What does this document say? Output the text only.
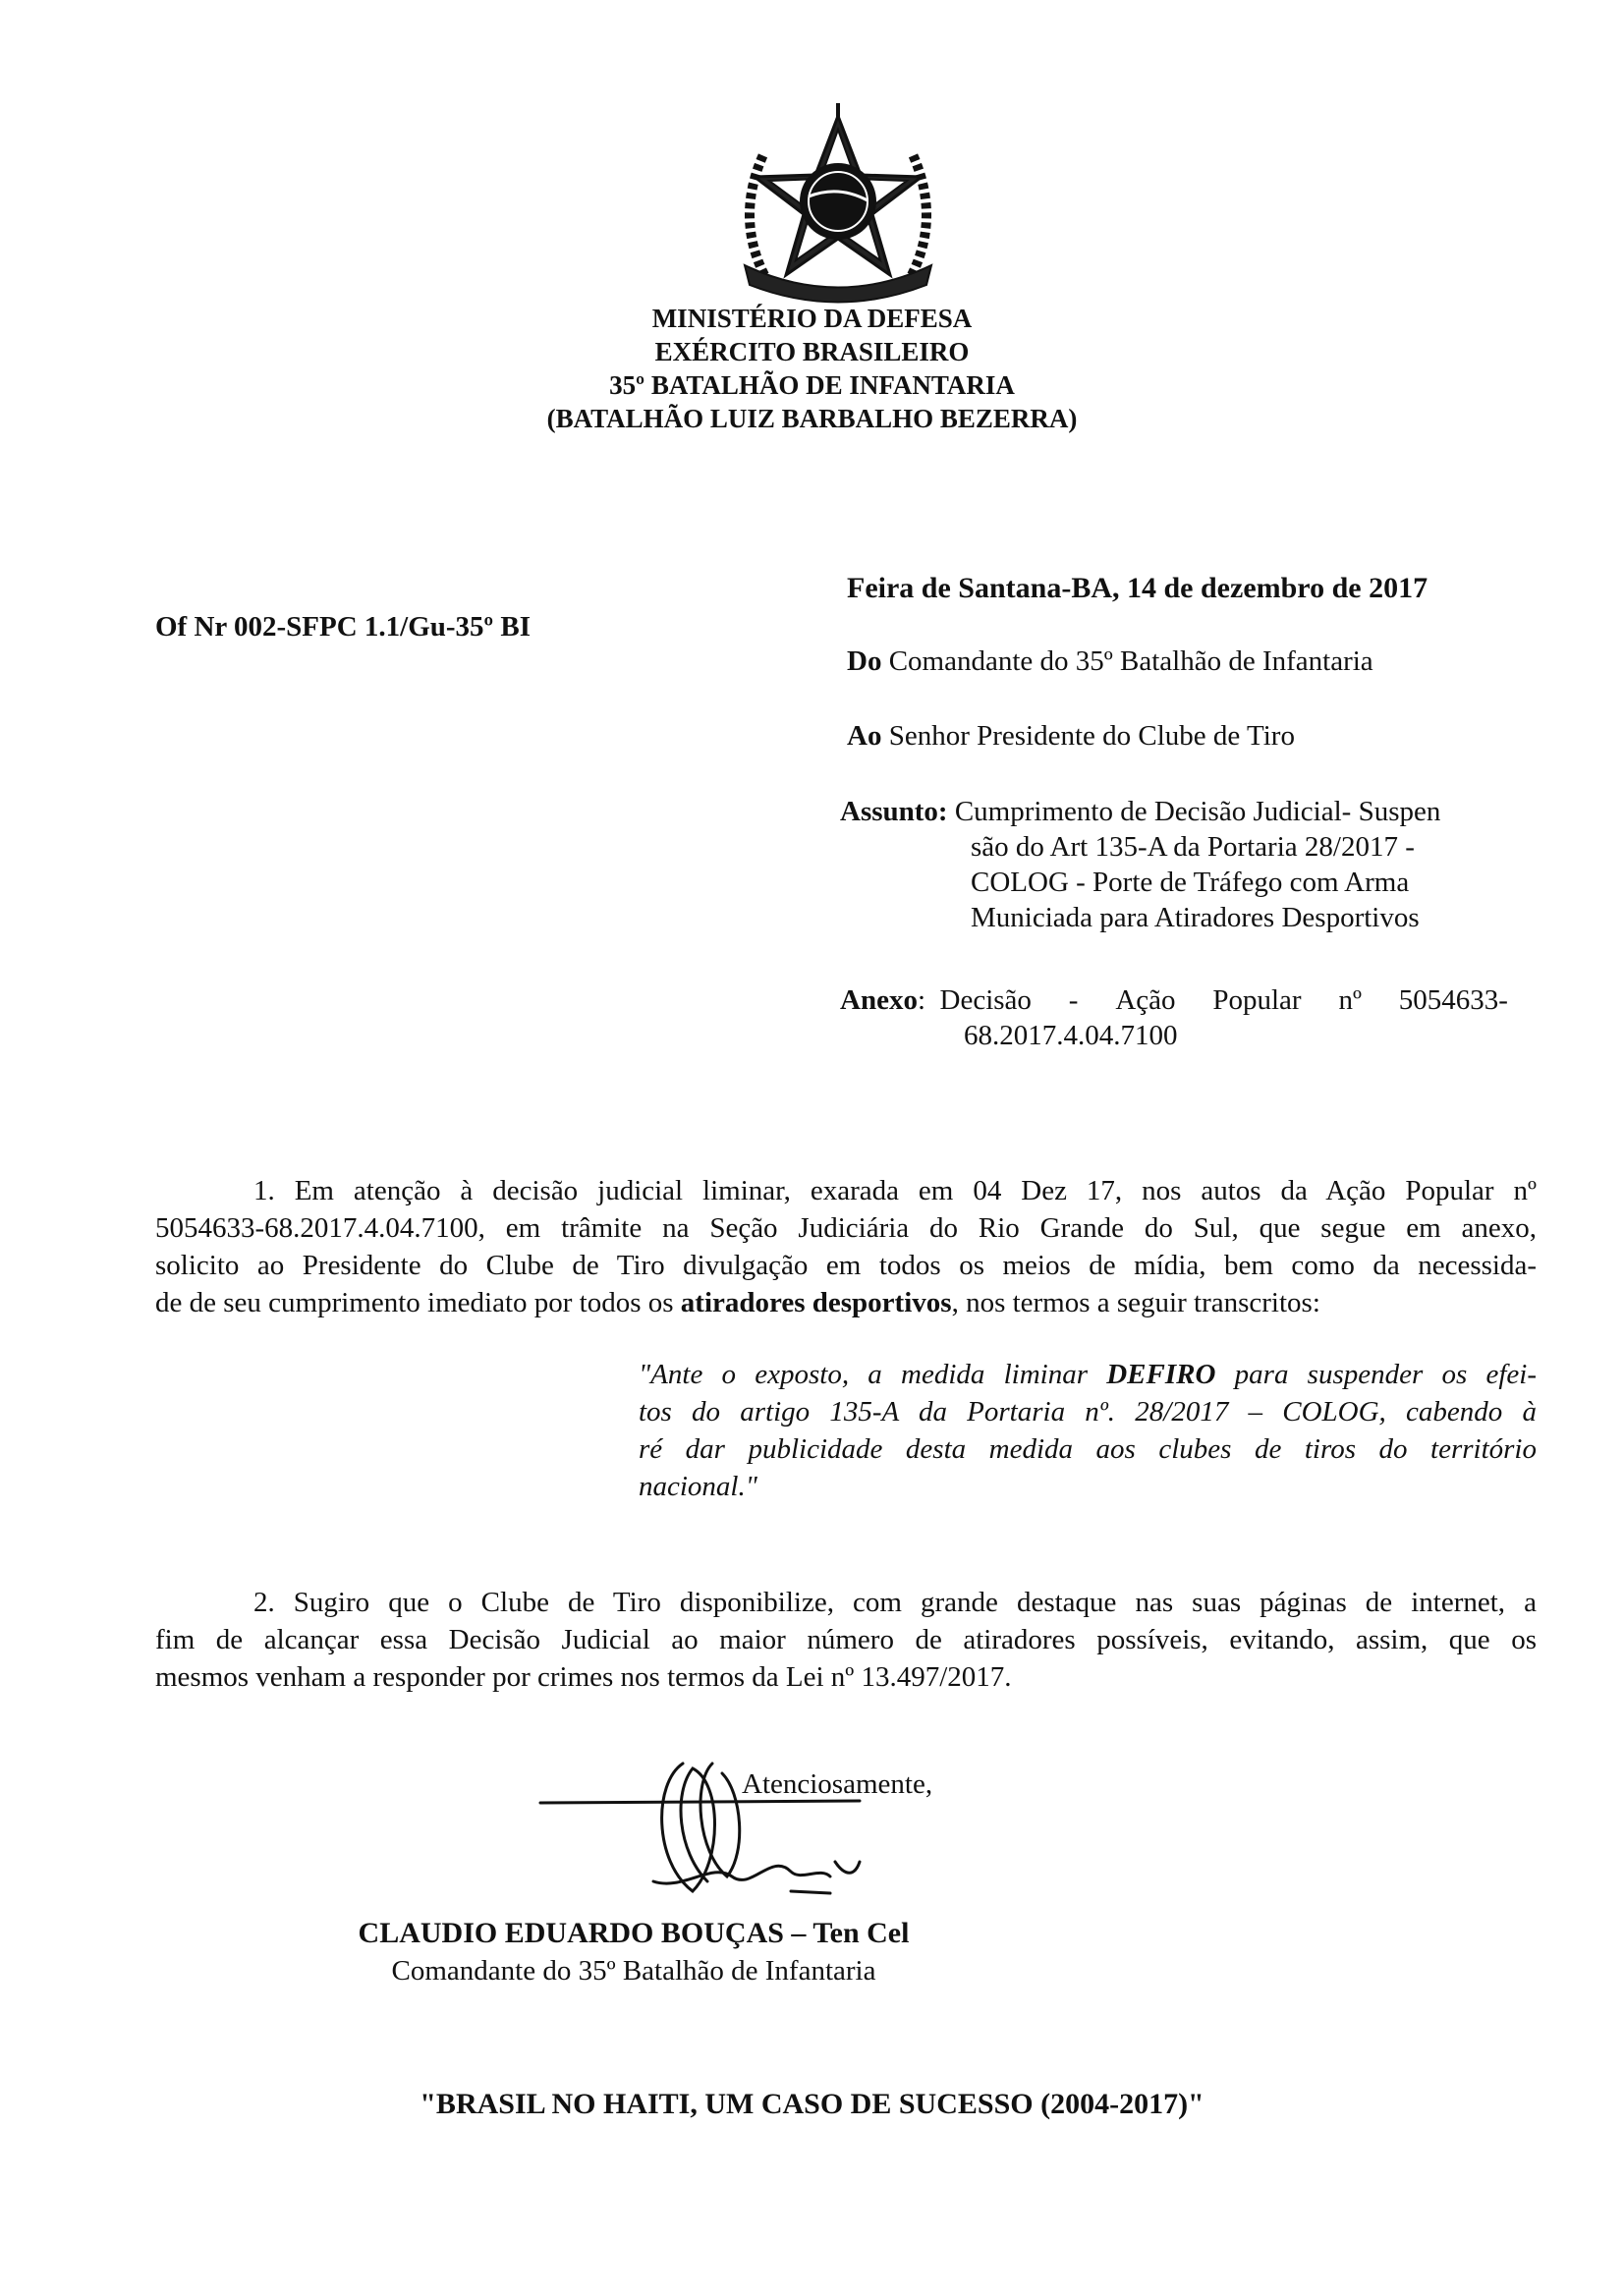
MINISTÉRIO DA DEFESA
EXÉRCITO BRASILEIRO
35º BATALHÃO DE INFANTARIA
(BATALHÃO LUIZ BARBALHO BEZERRA)
Of Nr 002-SFPC 1.1/Gu-35º BI
Feira de Santana-BA, 14 de dezembro de 2017
Do Comandante do 35º Batalhão de Infantaria
Ao Senhor Presidente do Clube de Tiro
Assunto: Cumprimento de Decisão Judicial- Suspen
são do Art 135-A da Portaria 28/2017 -
COLOG - Porte de Tráfego com Arma
Municiada para Atiradores Desportivos
Anexo: Decisão - Ação Popular nº 5054633-
68.2017.4.04.7100
1. Em atenção à decisão judicial liminar, exarada em 04 Dez 17, nos autos da Ação Popular nº
5054633-68.2017.4.04.7100, em trâmite na Seção Judiciária do Rio Grande do Sul, que segue em anexo,
solicito ao Presidente do Clube de Tiro divulgação em todos os meios de mídia, bem como da necessida-
de de seu cumprimento imediato por todos os atiradores desportivos, nos termos a seguir transcritos:
"Ante o exposto, a medida liminar DEFIRO para suspender os efei-
tos do artigo 135-A da Portaria nº. 28/2017 – COLOG, cabendo à
ré dar publicidade desta medida aos clubes de tiros do território
nacional."
2. Sugiro que o Clube de Tiro disponibilize, com grande destaque nas suas páginas de internet, a
fim de alcançar essa Decisão Judicial ao maior número de atiradores possíveis, evitando, assim, que os
mesmos venham a responder por crimes nos termos da Lei nº 13.497/2017.
Atenciosamente,
CLAUDIO EDUARDO BOUÇAS – Ten Cel
Comandante do 35º Batalhão de Infantaria
"BRASIL NO HAITI, UM CASO DE SUCESSO (2004-2017)"
